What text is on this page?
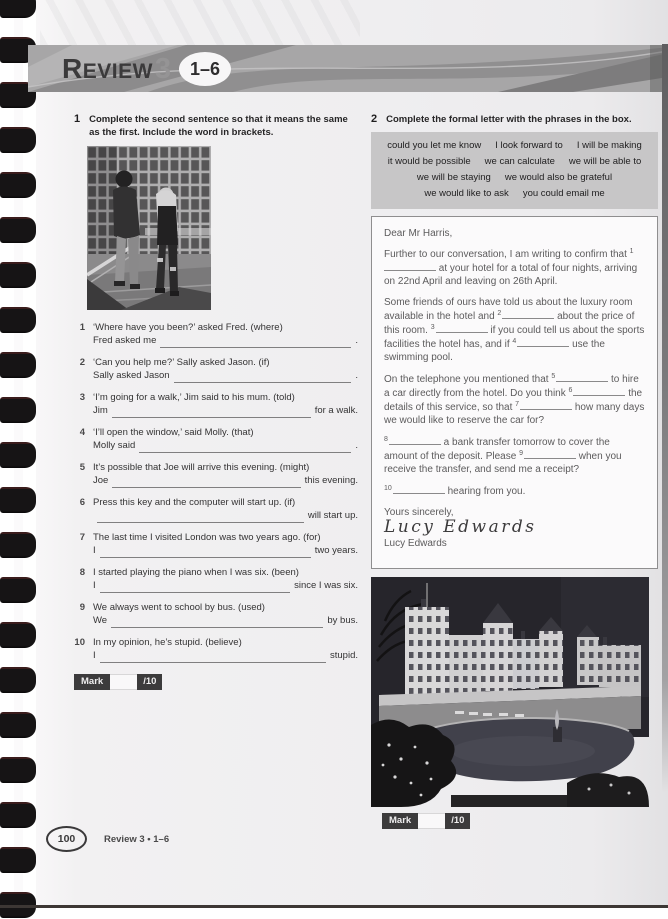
REVIEW 3	1–6
1 Complete the second sentence so that it means the same as the first. Include the word in brackets.
1 ‘Where have you been?’ asked Fred. (where)
Fred asked me	.
2 ‘Can you help me?’ Sally asked Jason. (if)
Sally asked Jason	.
3 ‘I’m going for a walk,’ Jim said to his mum. (told)
Jim	for a walk.
4 ‘I’ll open the window,’ said Molly. (that)
Molly said	.
5 It’s possible that Joe will arrive this evening. (might)
Joe	this evening.
6 Press this key and the computer will start up. (if)
will start up.
7 The last time I visited London was two years ago. (for)
I	two years.
8 I started playing the piano when I was six. (been)
I	since I was six.
9 We always went to school by bus. (used)
We	by bus.
10 In my opinion, he’s stupid. (believe)
I	stupid.
Mark	/10
2 Complete the formal letter with the phrases in the box.
could you let me know I look forward to I will be making
it would be possible we can calculate we will be able to
we will be staying we would also be grateful
we would like to ask you could email me

Dear Mr Harris,

Further to our conversation, I am writing to confirm that $^1$ at your hotel for a total of four nights, arriving on 22nd April and leaving on 26th April.

Some friends of ours have told us about the luxury room available in the hotel and $^2$	about the price of this room. $^3$	if you could tell us about the sports facilities the hotel has, and if $^4$	use the swimming pool.

On the telephone you mentioned that $^5$	to hire a car directly from the hotel. Do you think $^6$	the details of this service, so that $^7$	how many days we would like to reserve the car for?

$^8$	a bank transfer tomorrow to cover the amount of the deposit. Please $^9$	when you receive the transfer, and send me a receipt?

$^{10}$	hearing from you.

Yours sincerely,

Lucy Edwards
Lucy Edwards
Mark	/10
100	Review 3 • 1–6
